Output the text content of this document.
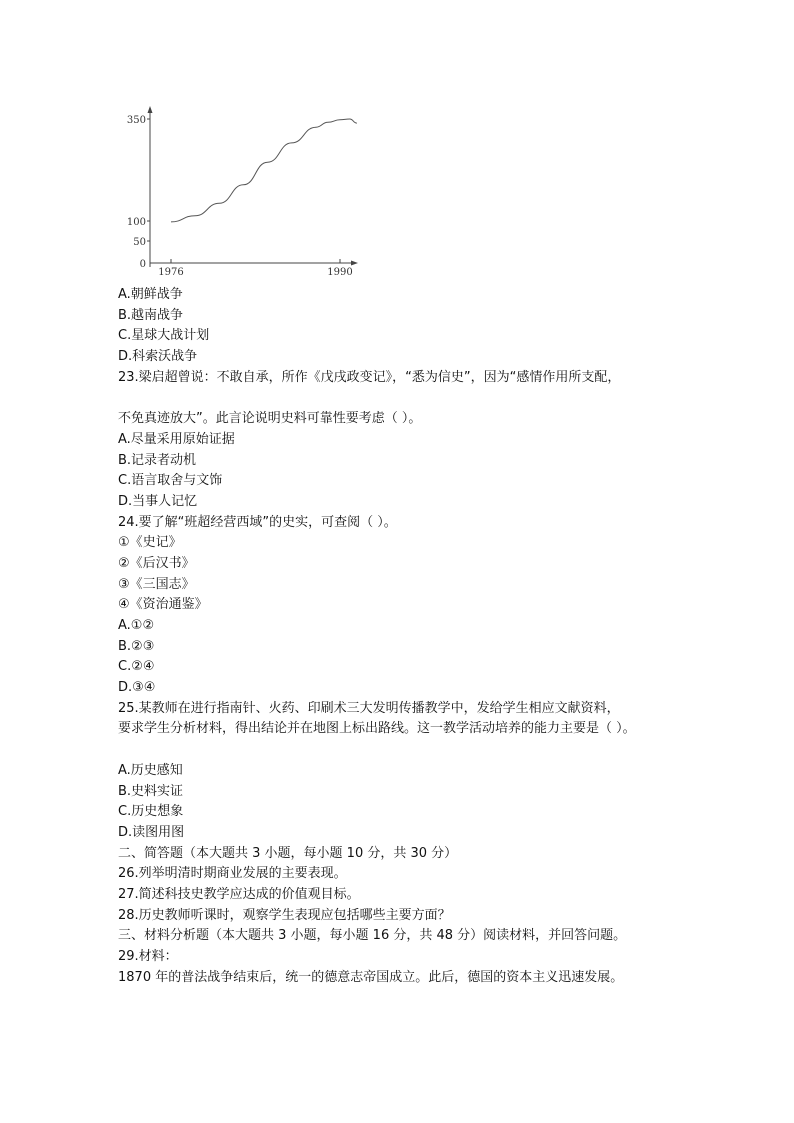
0
50
100
350
1976	1990
A.朝鲜战争
B.越南战争
C.星球大战计划
D.科索沃战争
23.梁启超曾说：不敢自承，所作《戊戌政变记》，“悉为信史”，因为“感情作用所支配，
不免真迹放大”。此言论说明史料可靠性要考虑（ ）。
A.尽量采用原始证据
B.记录者动机
C.语言取舍与文饰
D.当事人记忆
24.要了解“班超经营西域”的史实，可查阅（ ）。
①《史记》
②《后汉书》
③《三国志》
④《资治通鉴》
A.①②
B.②③
C.②④
D.③④
25.某教师在进行指南针、火药、印刷术三大发明传播教学中，发给学生相应文献资料，
要求学生分析材料，得出结论并在地图上标出路线。这一教学活动培养的能力主要是（ ）。
A.历史感知
B.史料实证
C.历史想象
D.读图用图
二、简答题（本大题共 3 小题，每小题 10 分，共 30 分）
26.列举明清时期商业发展的主要表现。
27.简述科技史教学应达成的价值观目标。
28.历史教师听课时，观察学生表现应包括哪些主要方面？
三、材料分析题（本大题共 3 小题，每小题 16 分，共 48 分）阅读材料，并回答问题。
29.材料：
1870 年的普法战争结束后，统一的德意志帝国成立。此后，德国的资本主义迅速发展。
